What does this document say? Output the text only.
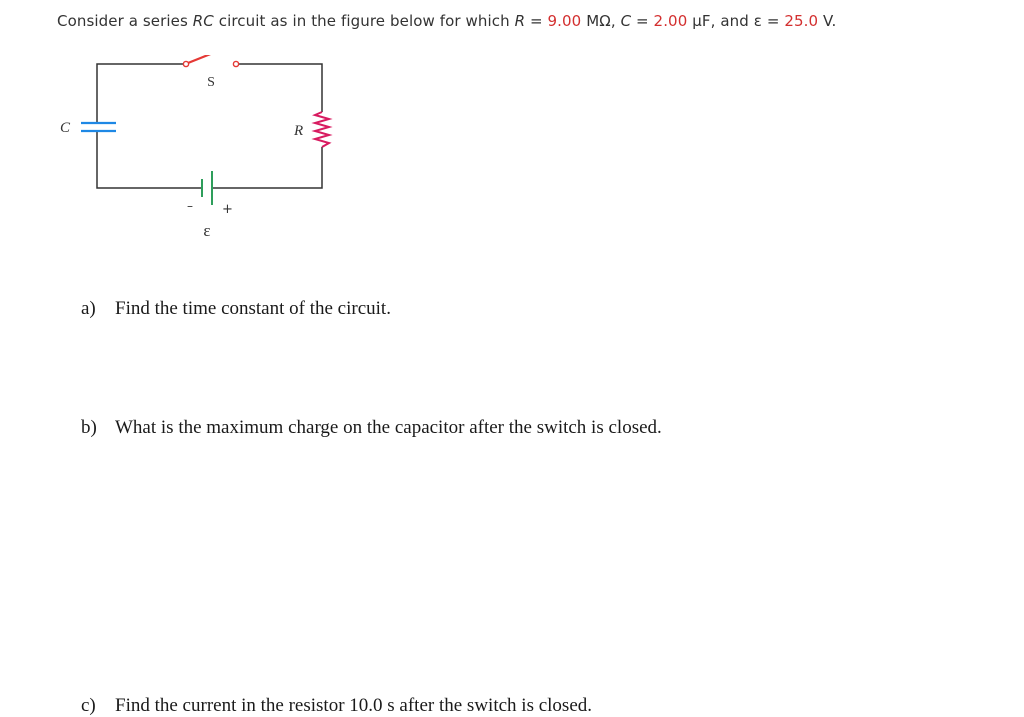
Consider a series RC circuit as in the figure below for which R = 9.00 MΩ, C = 2.00 μF, and ε = 25.0 V.

S
C	R
– +
ε

a) Find the time constant of the circuit.

b) What is the maximum charge on the capacitor after the switch is closed.

c) Find the current in the resistor 10.0 s after the switch is closed.
